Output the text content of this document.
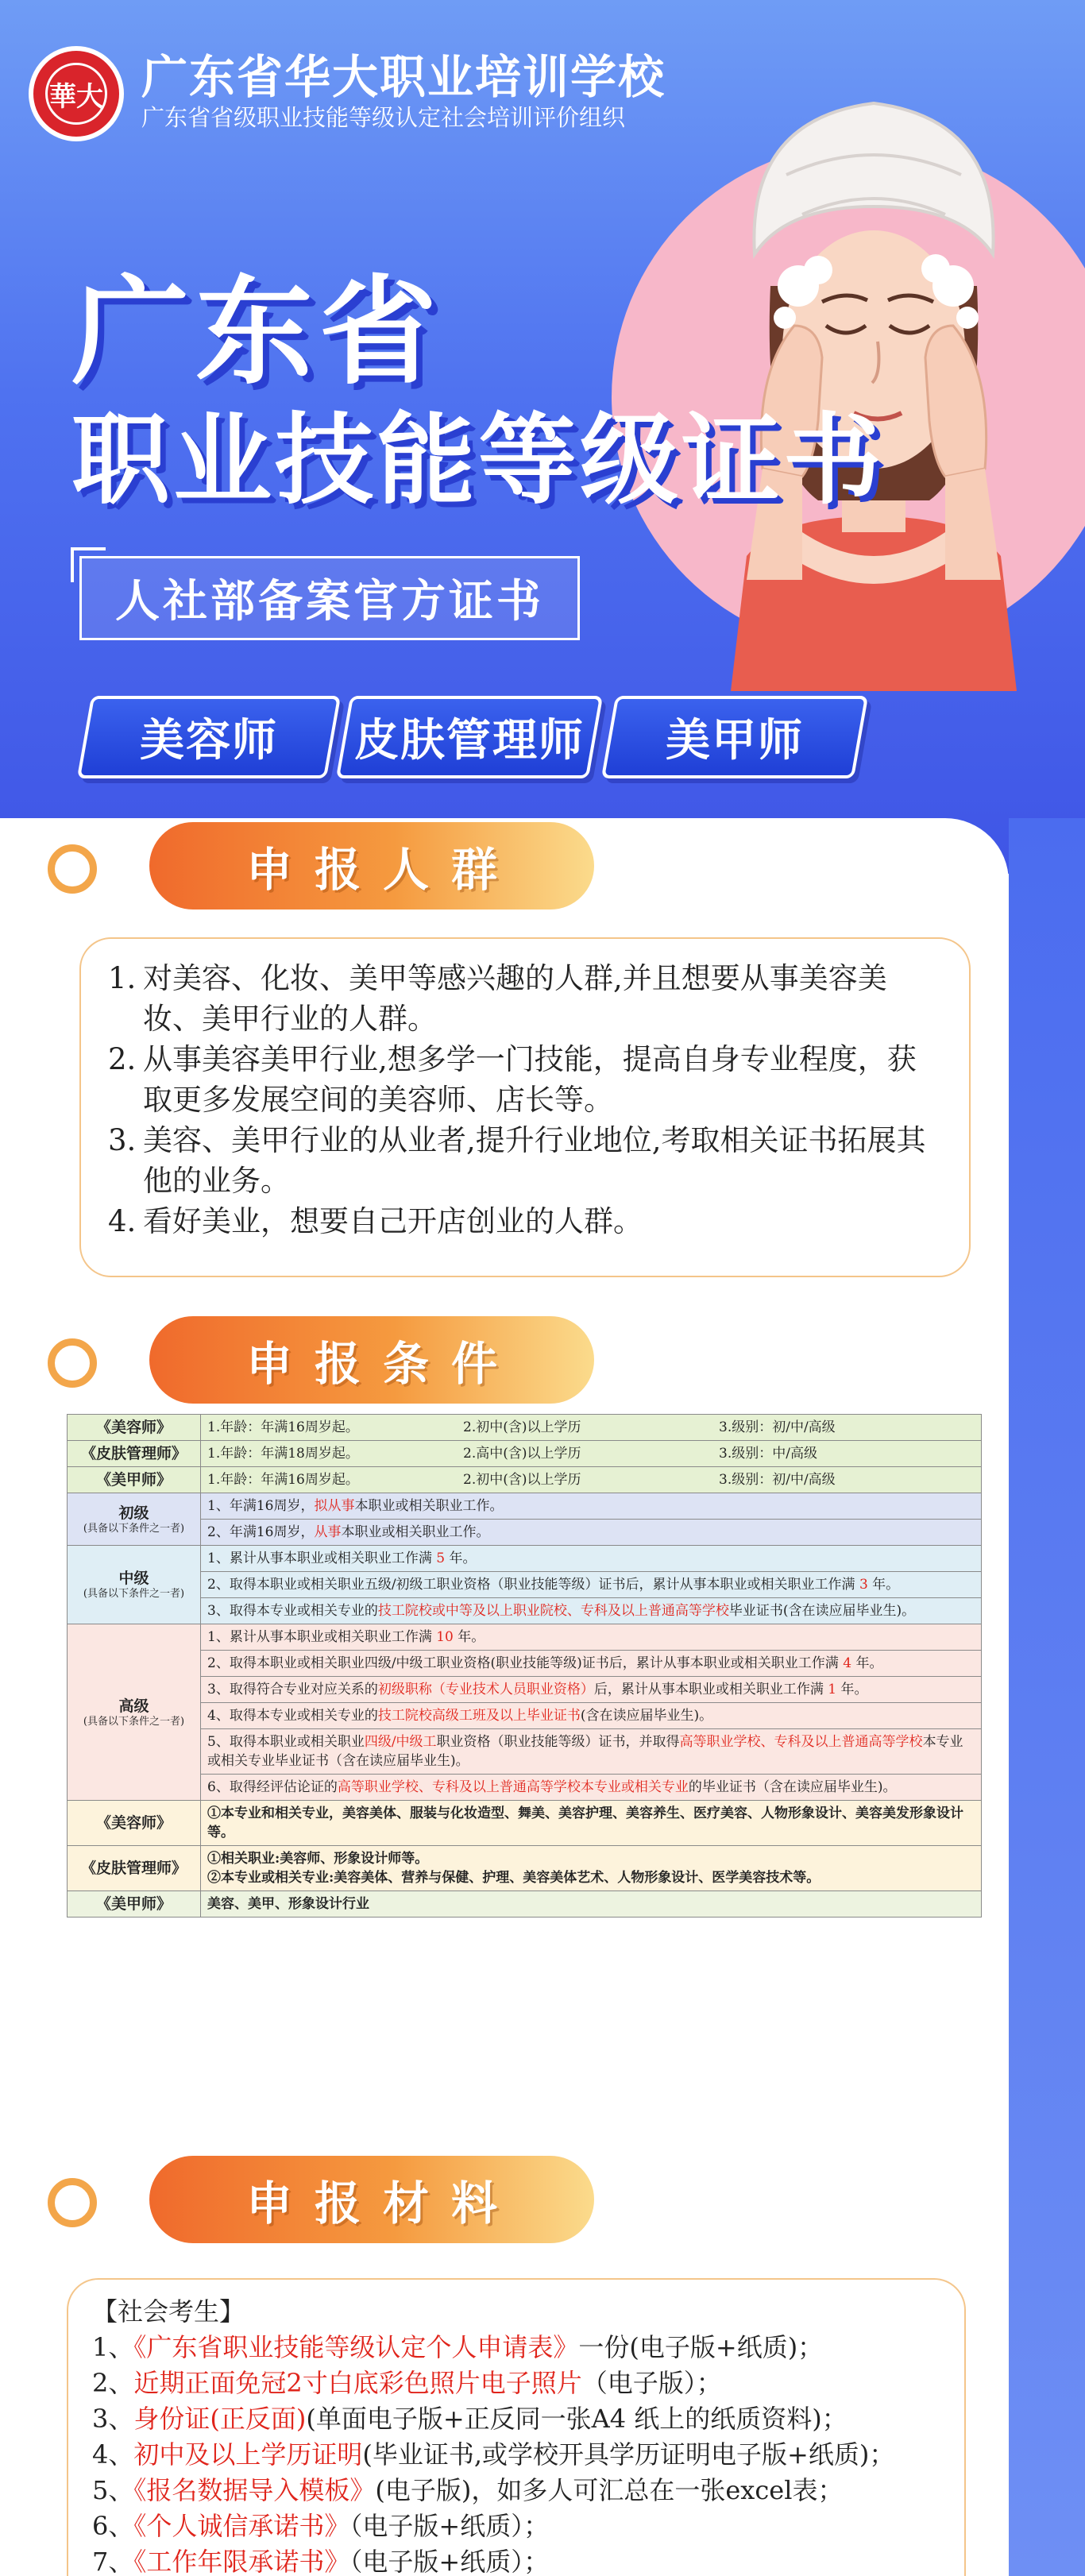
華大 广东省华大职业培训学校
广东省省级职业技能等级认定社会培训评价组织
广东省
职业技能等级证书
人社部备案官方证书
美容师 皮肤管理师 美甲师
申报人群
1. 对美容、化妆、美甲等感兴趣的人群,并且想要从事美容美妆、美甲行业的人群。
2. 从事美容美甲行业,想多学一门技能，提高自身专业程度，获取更多发展空间的美容师、店长等。
3. 美容、美甲行业的从业者,提升行业地位,考取相关证书拓展其他的业务。
4. 看好美业，想要自己开店创业的人群。
申报条件
《美容师》	1.年龄：年满16周岁起。 2.初中(含)以上学历 3.级别：初/中/高级

《皮肤管理师》	1.年龄：年满18周岁起。 2.高中(含)以上学历 3.级别：中/高级

《美甲师》	1.年龄：年满16周岁起。 2.初中(含)以上学历 3.级别：初/中/高级

初级
(具备以下条件之一者)	1、年满16周岁，拟从事本职业或相关职业工作。
	2、年满16周岁，从事本职业或相关职业工作。
中级
(具备以下条件之一者)	1、累计从事本职业或相关职业工作满 5 年。
	2、取得本职业或相关职业五级/初级工职业资格（职业技能等级）证书后，累计从事本职业或相关职业工作满 3 年。
	3、取得本专业或相关专业的技工院校或中等及以上职业院校、专科及以上普通高等学校毕业证书(含在读应届毕业生)。
高级
(具备以下条件之一者)	1、累计从事本职业或相关职业工作满 10 年。
	2、取得本职业或相关职业四级/中级工职业资格(职业技能等级)证书后，累计从事本职业或相关职业工作满 4 年。
	3、取得符合专业对应关系的初级职称（专业技术人员职业资格）后，累计从事本职业或相关职业工作满 1 年。
	4、取得本专业或相关专业的技工院校高级工班及以上毕业证书(含在读应届毕业生)。
	5、取得本职业或相关职业四级/中级工职业资格（职业技能等级）证书，并取得高等职业学校、专科及以上普通高等学校本专业或相关专业毕业证书（含在读应届毕业生)。
	6、取得经评估论证的高等职业学校、专科及以上普通高等学校本专业或相关专业的毕业证书（含在读应届毕业生)。
《美容师》	①本专业和相关专业，美容美体、服装与化妆造型、舞美、美容护理、美容养生、医疗美容、人物形象设计、美容美发形象设计等。
《皮肤管理师》	①相关职业:美容师、形象设计师等。
②本专业或相关专业:美容美体、营养与保健、护理、美容美体艺术、人物形象设计、医学美容技术等。
《美甲师》	美容、美甲、形象设计行业
申报材料
【社会考生】
1、《广东省职业技能等级认定个人申请表》一份(电子版+纸质)；
2、近期正面免冠2寸白底彩色照片电子照片（电子版）；
3、身份证(正反面)(单面电子版+正反同一张A4 纸上的纸质资料)；
4、初中及以上学历证明(毕业证书,或学校开具学历证明电子版+纸质)；
5、《报名数据导入模板》(电子版)，如多人可汇总在一张excel表；
6、《个人诚信承诺书》（电子版+纸质）；
7、《工作年限承诺书》（电子版+纸质）；
